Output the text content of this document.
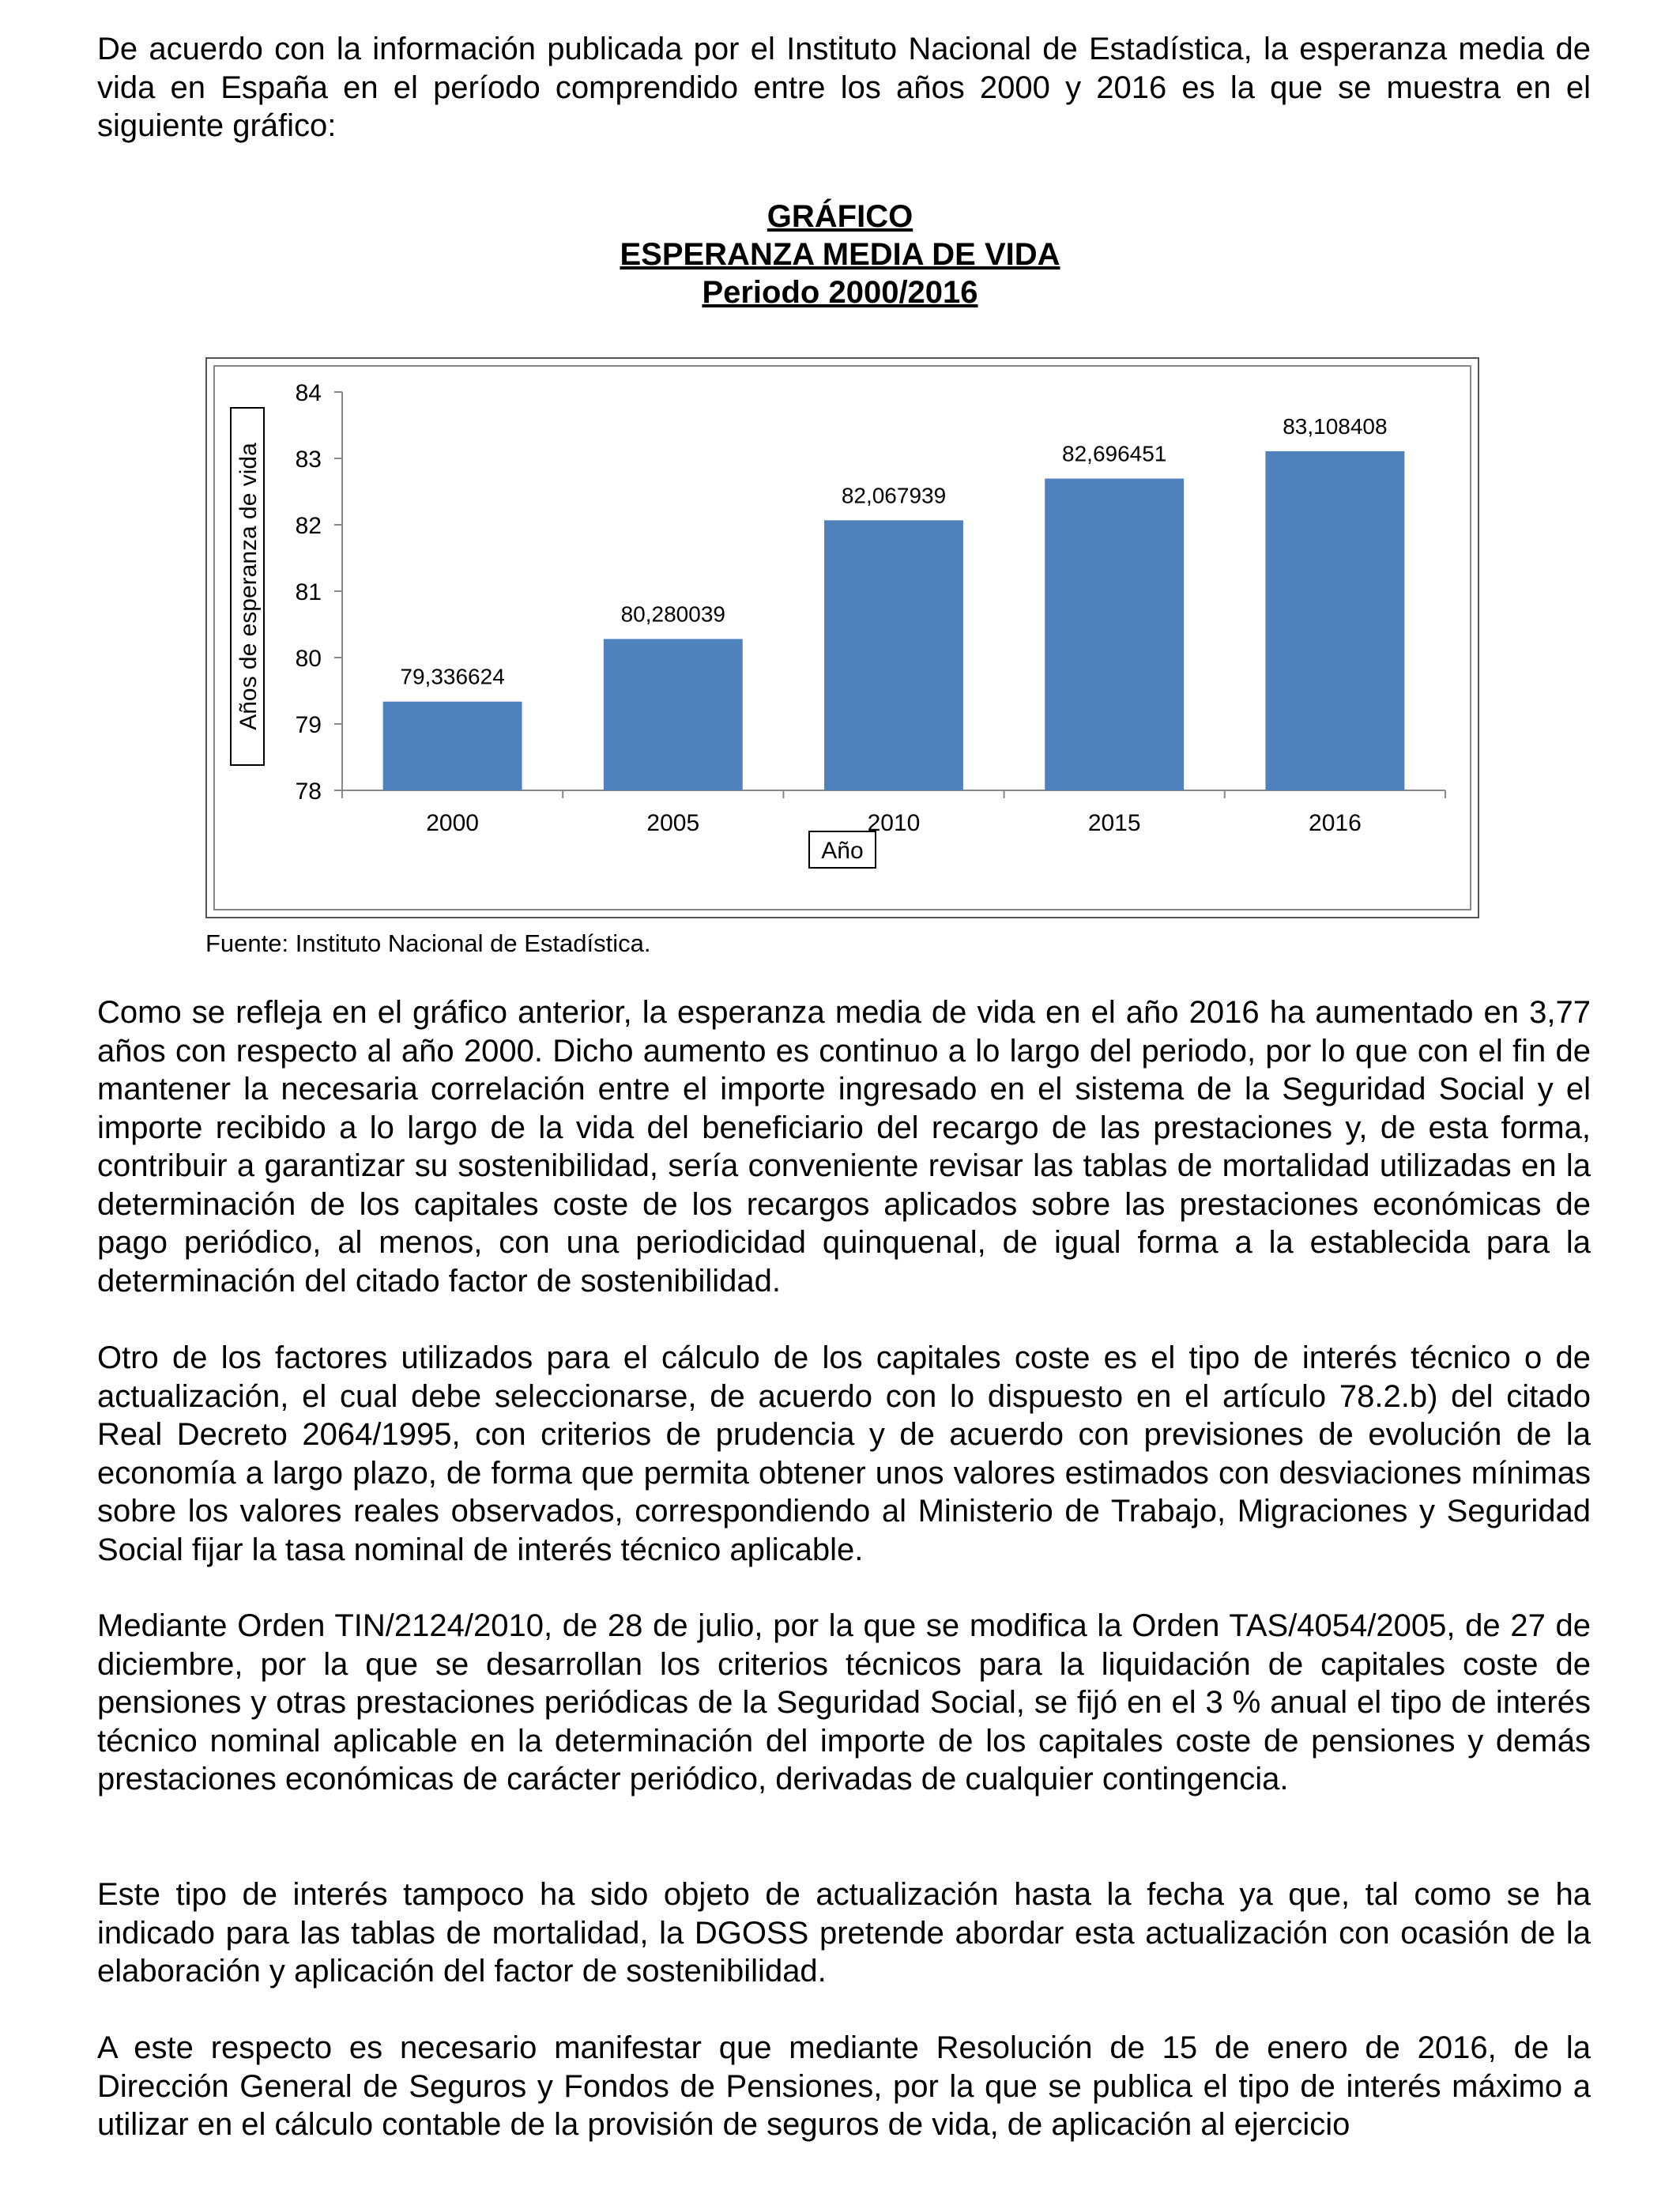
De acuerdo con la información publicada por el Instituto Nacional de Estadística, la esperanza media de vida en España en el período comprendido entre los años 2000 y 2016 es la que se muestra en el siguiente gráfico:

GRÁFICO
ESPERANZA MEDIA DE VIDA
Periodo 2000/2016
78
79
80
81
82
83
84
79,336624
2000
80,280039
2005
82,067939
2010
82,696451
2015
83,108408
2016
Año
Años de esperanza de vida
Fuente: Instituto Nacional de Estadística.

Como se refleja en el gráfico anterior, la esperanza media de vida en el año 2016 ha aumentado en 3,77 años con respecto al año 2000. Dicho aumento es continuo a lo largo del periodo, por lo que con el fin de mantener la necesaria correlación entre el importe ingresado en el sistema de la Seguridad Social y el importe recibido a lo largo de la vida del beneficiario del recargo de las prestaciones y, de esta forma, contribuir a garantizar su sostenibilidad, sería conveniente revisar las tablas de mortalidad utilizadas en la determinación de los capitales coste de los recargos aplicados sobre las prestaciones económicas de pago periódico, al menos, con una periodicidad quinquenal, de igual forma a la establecida para la determinación del citado factor de sostenibilidad.

Otro de los factores utilizados para el cálculo de los capitales coste es el tipo de interés técnico o de actualización, el cual debe seleccionarse, de acuerdo con lo dispuesto en el artículo 78.2.b) del citado Real Decreto 2064/1995, con criterios de prudencia y de acuerdo con previsiones de evolución de la economía a largo plazo, de forma que permita obtener unos valores estimados con desviaciones mínimas sobre los valores reales observados, correspondiendo al Ministerio de Trabajo, Migraciones y Seguridad Social fijar la tasa nominal de interés técnico aplicable.

Mediante Orden TIN/2124/2010, de 28 de julio, por la que se modifica la Orden TAS/4054/2005, de 27 de diciembre, por la que se desarrollan los criterios técnicos para la liquidación de capitales coste de pensiones y otras prestaciones periódicas de la Seguridad Social, se fijó en el 3 % anual el tipo de interés técnico nominal aplicable en la determinación del importe de los capitales coste de pensiones y demás prestaciones económicas de carácter periódico, derivadas de cualquier contingencia.

Este tipo de interés tampoco ha sido objeto de actualización hasta la fecha ya que, tal como se ha indicado para las tablas de mortalidad, la DGOSS pretende abordar esta actualización con ocasión de la elaboración y aplicación del factor de sostenibilidad.

A este respecto es necesario manifestar que mediante Resolución de 15 de enero de 2016, de la Dirección General de Seguros y Fondos de Pensiones, por la que se publica el tipo de interés máximo a utilizar en el cálculo contable de la provisión de seguros de vida, de aplicación al ejercicio
